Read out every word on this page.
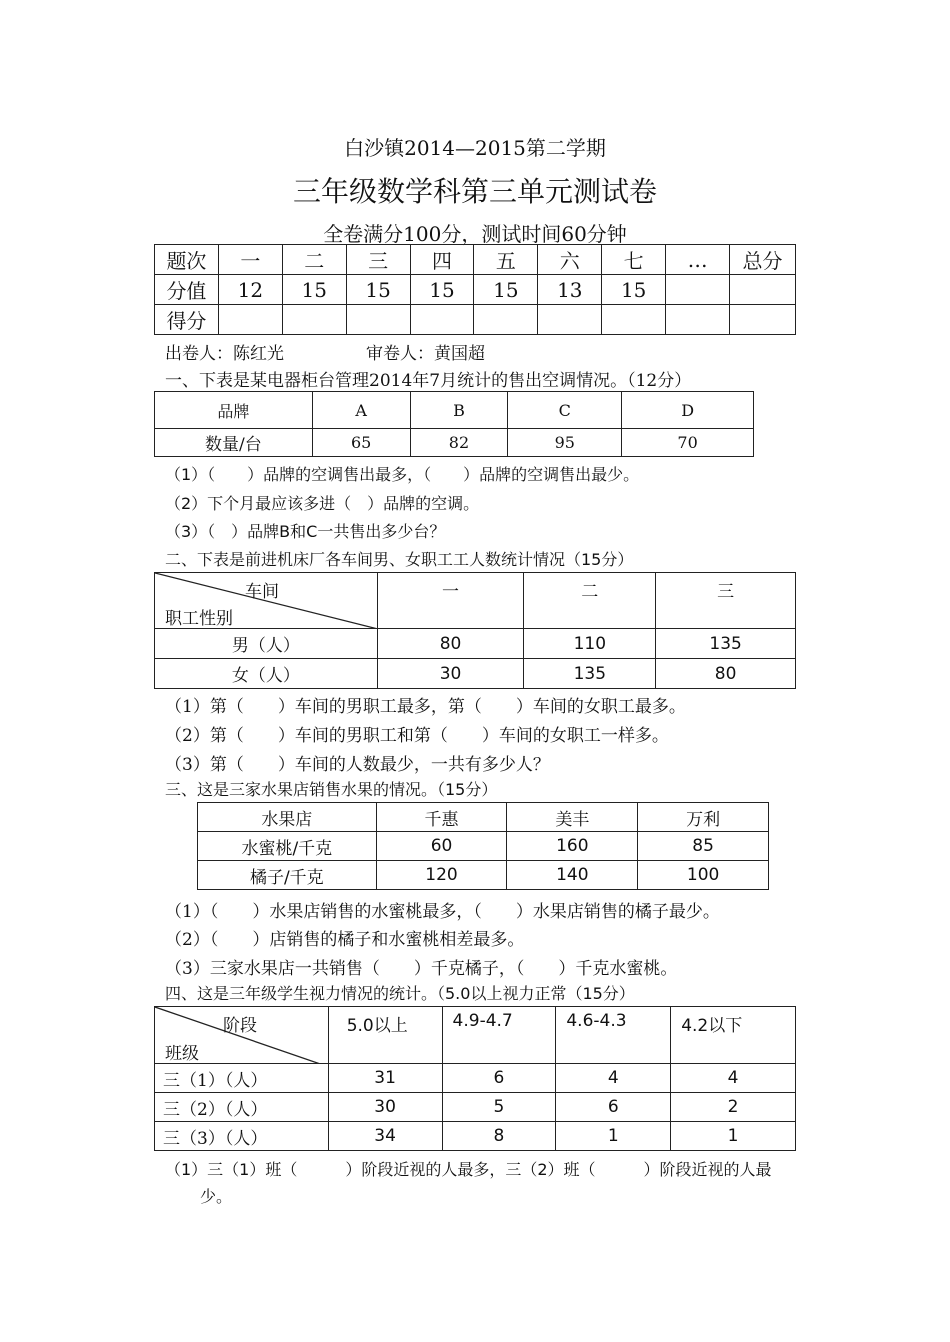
白沙镇2014—2015第二学期
三年级数学科第三单元测试卷
全卷满分100分，测试时间60分钟
题次	一	二	三	四	五	六	七	…	总分
分值	12	15	15	15	15	13	15		
得分									
出卷人：陈红光	审卷人：黄国超
一、下表是某电器柜台管理2014年7月统计的售出空调情况。（12分）
品牌	A	B	C	D
数量/台	65	82	95	70
（1）（　　）品牌的空调售出最多，（　　）品牌的空调售出最少。
（2）下个月最应该多进（　）品牌的空调。
（3）（　）品牌B和C一共售出多少台？
二、下表是前进机床厂各车间男、女职工工人数统计情况（15分）
车间
职工性别	一	二	三
男（人）	80	110	135
女（人）	30	135	80
（1）第（　　）车间的男职工最多，第（　　）车间的女职工最多。
（2）第（　　）车间的男职工和第（　　）车间的女职工一样多。
（3）第（　　）车间的人数最少，一共有多少人？
三、这是三家水果店销售水果的情况。（15分）
水果店	千惠	美丰	万利
水蜜桃/千克	60	160	85
橘子/千克	120	140	100
（1）（　　）水果店销售的水蜜桃最多，（　　）水果店销售的橘子最少。
（2）（　　）店销售的橘子和水蜜桃相差最多。
（3）三家水果店一共销售（　　）千克橘子，（　　）千克水蜜桃。
四、这是三年级学生视力情况的统计。（5.0以上视力正常（15分）
阶段
班级	5.0以上	4.9-4.7	4.6-4.3	4.2以下
三（1）（人）	31	6	4	4
三（2）（人）	30	5	6	2
三（3）（人）	34	8	1	1
（1）三（1）班（　　　）阶段近视的人最多，三（2）班（　　　）阶段近视的人最
少。
